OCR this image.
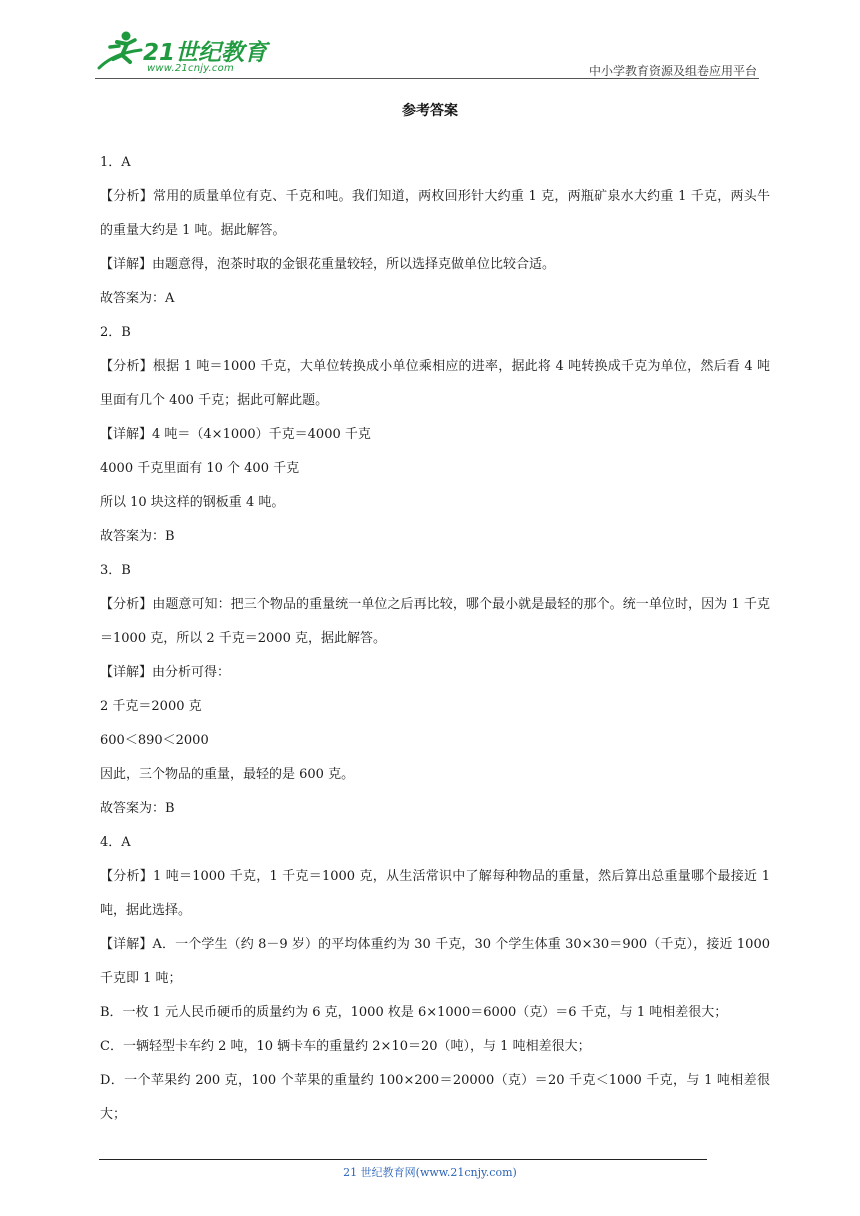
21世纪教育
www.21cnjy.com	中小学教育资源及组卷应用平台
参考答案
1．A
【分析】常用的质量单位有克、千克和吨。我们知道，两枚回形针大约重 1 克，两瓶矿泉水大约重 1 千克，两头牛的重量大约是 1 吨。据此解答。
【详解】由题意得，泡茶时取的金银花重量较轻，所以选择克做单位比较合适。
故答案为：A
2．B
【分析】根据 1 吨＝1000 千克，大单位转换成小单位乘相应的进率，据此将 4 吨转换成千克为单位，然后看 4 吨里面有几个 400 千克；据此可解此题。
【详解】4 吨＝（4×1000）千克＝4000 千克
4000 千克里面有 10 个 400 千克
所以 10 块这样的钢板重 4 吨。
故答案为：B
3．B
【分析】由题意可知：把三个物品的重量统一单位之后再比较，哪个最小就是最轻的那个。统一单位时，因为 1 千克＝1000 克，所以 2 千克＝2000 克，据此解答。
【详解】由分析可得：
2 千克＝2000 克
600＜890＜2000
因此，三个物品的重量，最轻的是 600 克。
故答案为：B
4．A
【分析】1 吨＝1000 千克，1 千克＝1000 克，从生活常识中了解每种物品的重量，然后算出总重量哪个最接近 1 吨，据此选择。
【详解】A．一个学生（约 8－9 岁）的平均体重约为 30 千克，30 个学生体重 30×30＝900（千克），接近 1000 千克即 1 吨；
B．一枚 1 元人民币硬币的质量约为 6 克，1000 枚是 6×1000＝6000（克）＝6 千克，与 1 吨相差很大；
C．一辆轻型卡车约 2 吨，10 辆卡车的重量约 2×10＝20（吨），与 1 吨相差很大；
D．一个苹果约 200 克，100 个苹果的重量约 100×200＝20000（克）＝20 千克＜1000 千克，与 1 吨相差很大；
21 世纪教育网(www.21cnjy.com)
